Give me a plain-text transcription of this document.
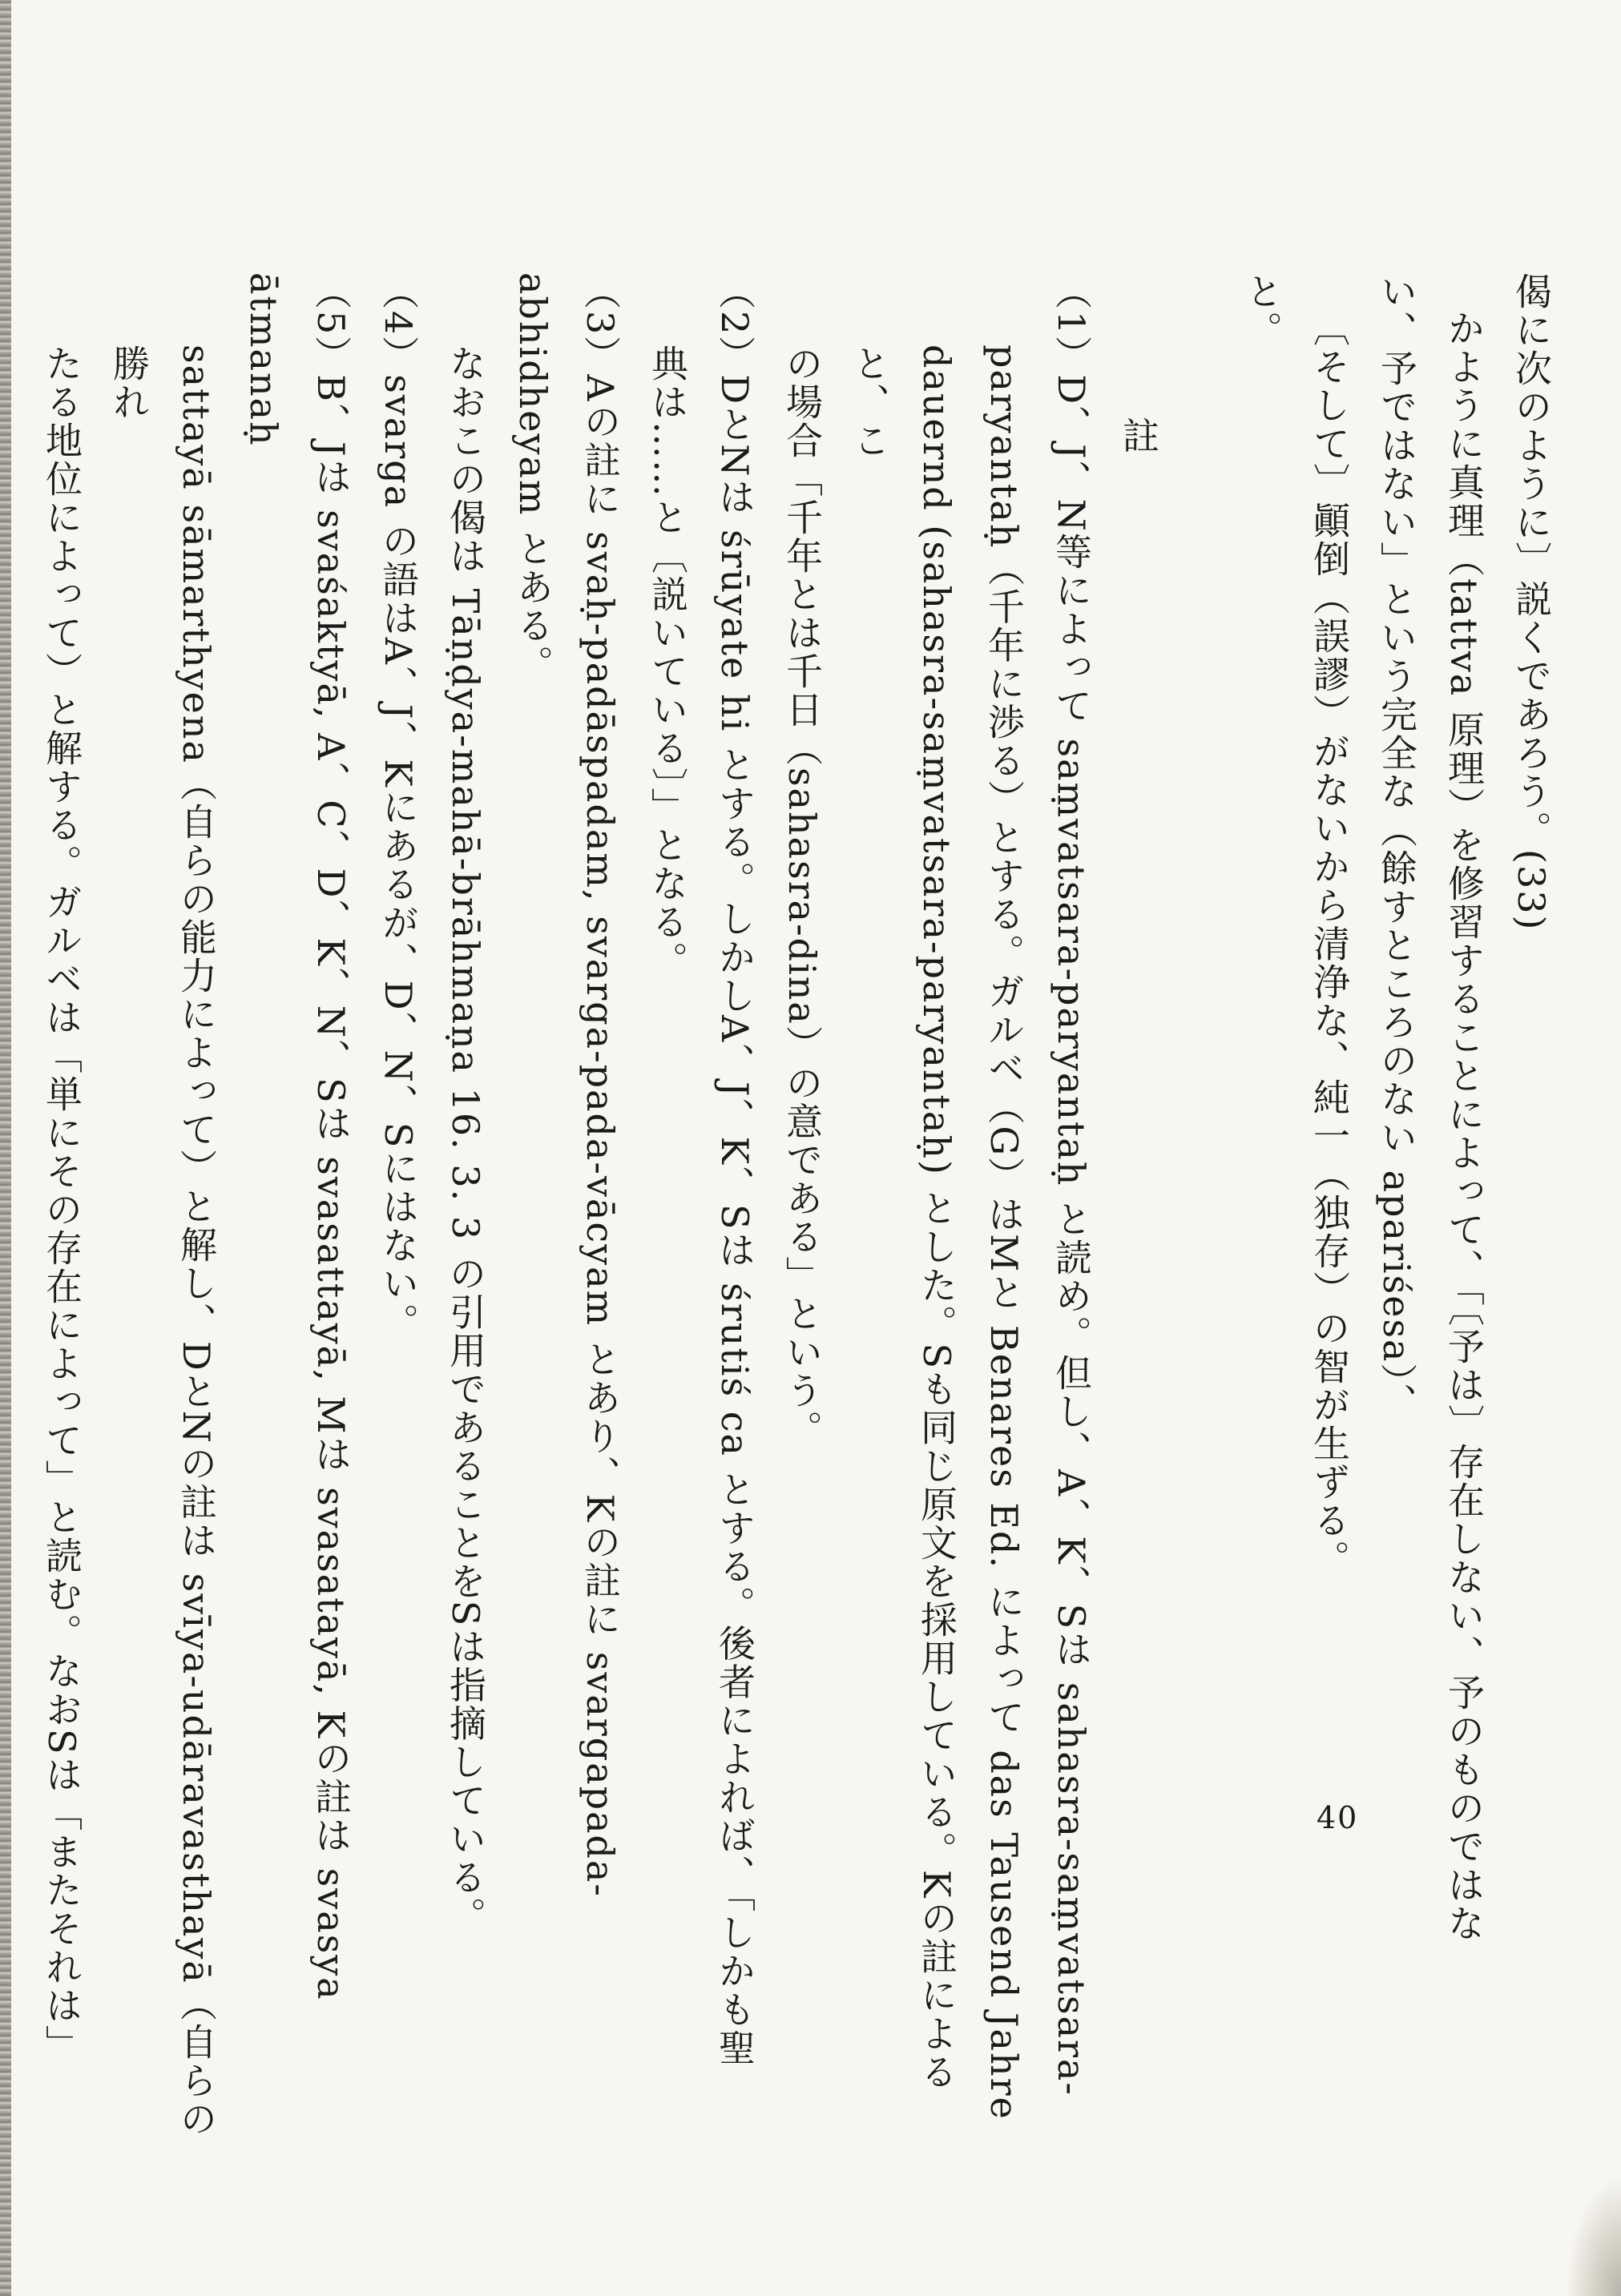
偈に次のように〕説くであろう。(33)
かように真理（tattva 原理）を修習することによって、「〔予は〕存在しない、予のものではな
い、予ではない」という完全な（餘すところのない apariśesa）、
〔そして〕顚倒（誤謬）がないから清浄な、純一（独存）の智が生ずる。
と。
註
（1）D、J、N等によって saṃvatsara-paryantaḥ と読め。但し、A、K、Sは sahasra-saṃvatsara-
paryantaḥ（千年に渉る）とする。ガルベ（G）はMと Benares Ed. によって das Tausend Jahre
dauernd (sahasra-saṃvatsara-paryantaḥ) とした。Sも同じ原文を採用している。Kの註によると、こ
の場合「千年とは千日（sahasra-dina）の意である」という。
（2）DとNは śrūyate hi とする。しかしA、J、K、Sは śrutiś ca とする。後者によれば、「しかも聖
典は……と〔説いている〕」となる。
（3）Aの註に svaḥ-padāspadam, svarga-pada-vācyam とあり、Kの註に svargapada-abhidheyam とある。
なおこの偈は Tāṇḍya-mahā-brāhmaṇa 16. 3. 3 の引用であることをSは指摘している。
（4）svarga の語はA、J、Kにあるが、D、N、Sにはない。
（5）B、Jは svaśaktyā, A、C、D、K、N、Sは svasattayā, Mは svasatayā, Kの註は svasya ātmanaḥ
sattayā sāmarthyena（自らの能力によって）と解し、DとNの註は svīya-udāravasthayā（自らの勝れ
たる地位によって）と解する。ガルベは「単にその存在によって」と読む。なおSは「またそれは」	40
